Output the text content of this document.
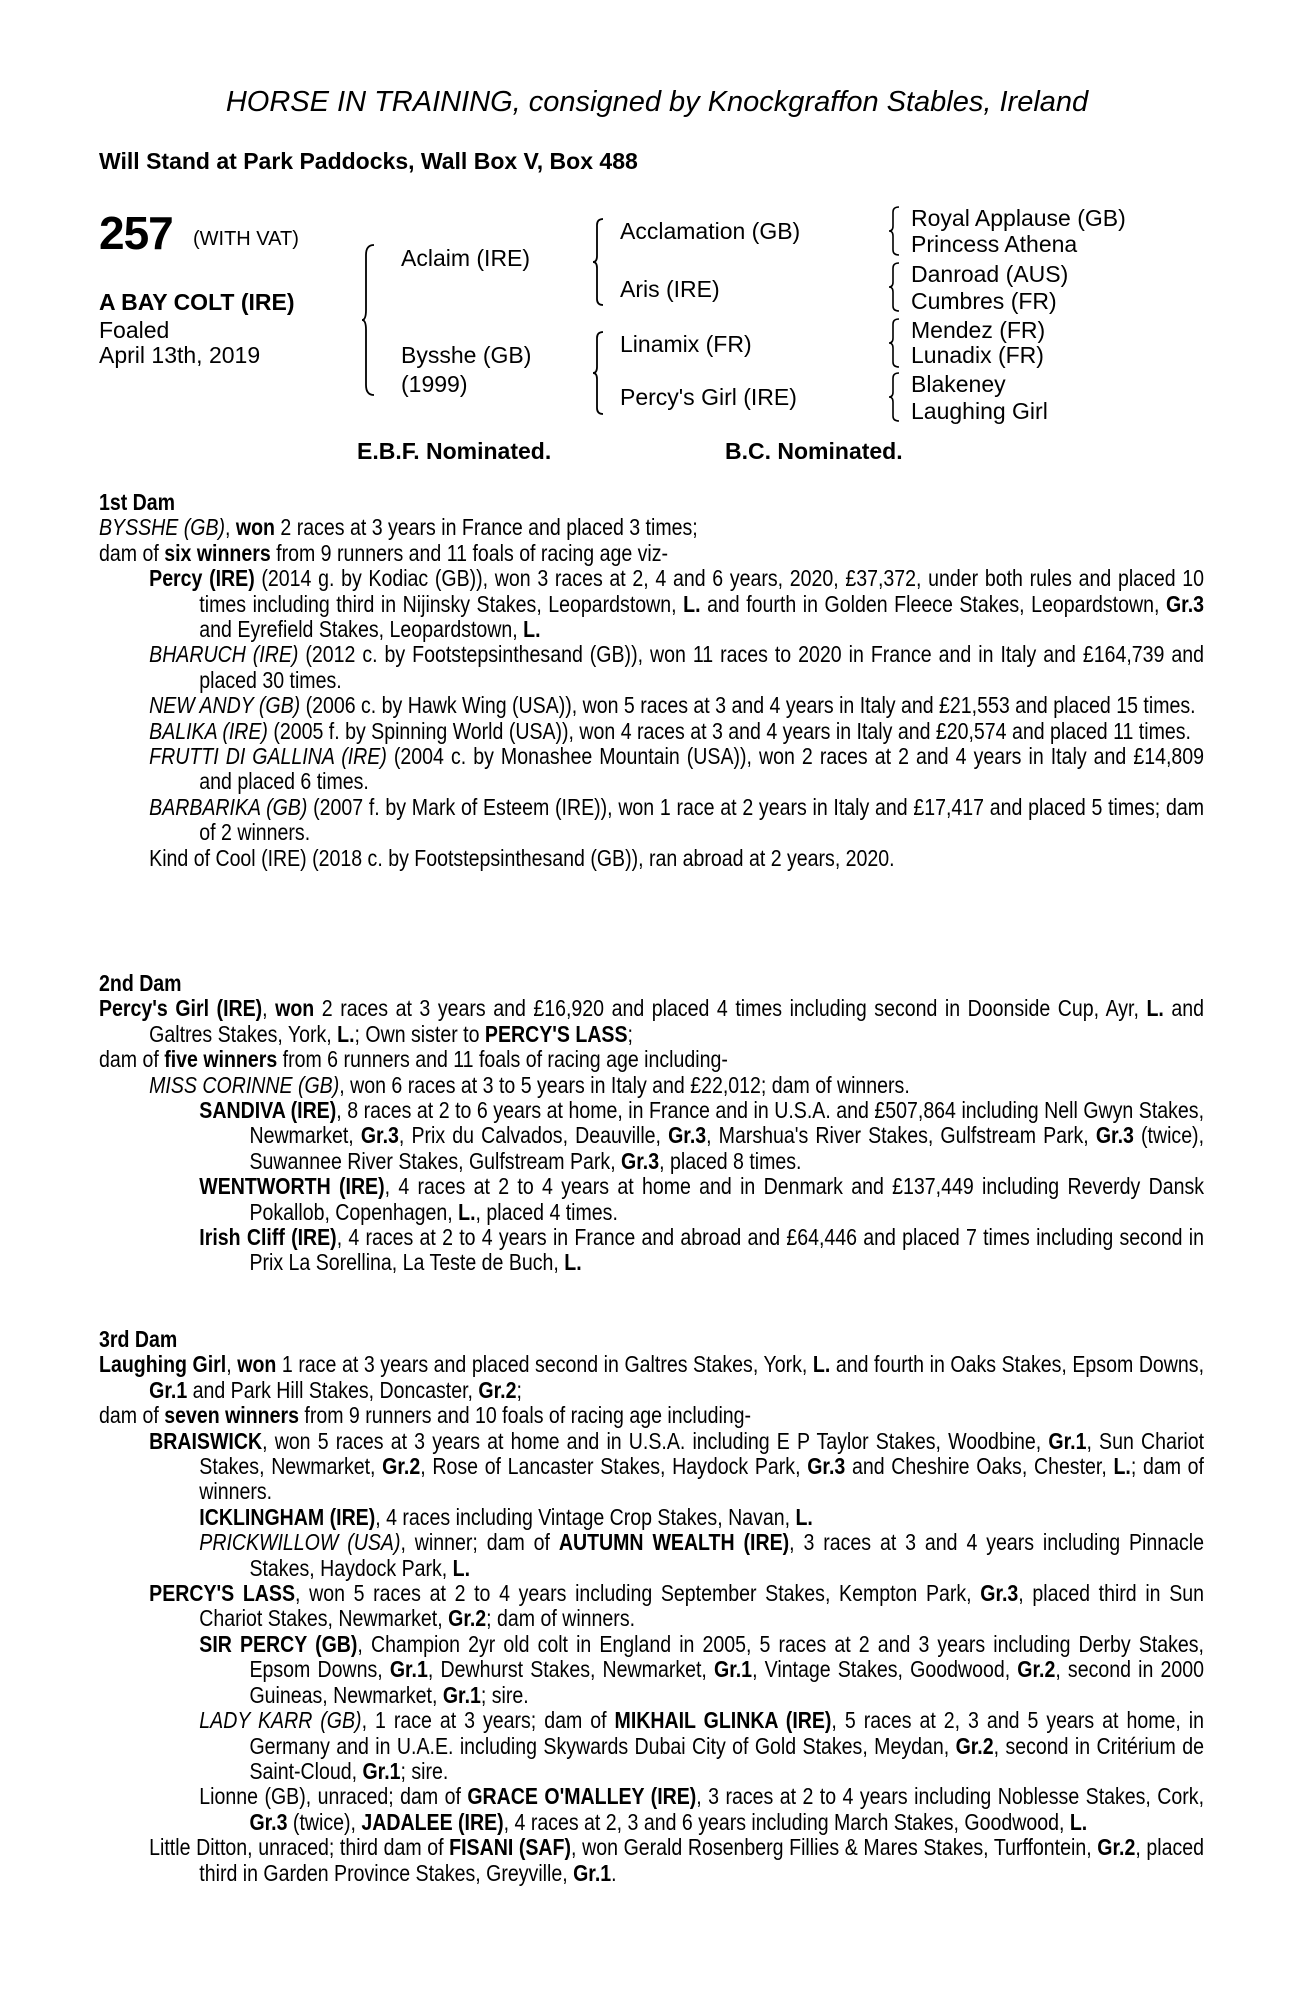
HORSE IN TRAINING, consigned by Knockgraffon Stables, Ireland
Will Stand at Park Paddocks, Wall Box V, Box 488
257 (WITH VAT)
A BAY COLT (IRE)
Foaled
April 13th, 2019
Aclaim (IRE)
Bysshe (GB)
(1999)
Acclamation (GB)
Aris (IRE)
Linamix (FR)
Percy's Girl (IRE)
Royal Applause (GB)
Princess Athena
Danroad (AUS)
Cumbres (FR)
Mendez (FR)
Lunadix (FR)
Blakeney
Laughing Girl
E.B.F. Nominated.	B.C. Nominated.
1st Dam
BYSSHE (GB), won 2 races at 3 years in France and placed 3 times;
dam of six winners from 9 runners and 11 foals of racing age viz-
Percy (IRE) (2014 g. by Kodiac (GB)), won 3 races at 2, 4 and 6 years, 2020, £37,372, under both rules and placed 10 times including third in Nijinsky Stakes, Leopardstown, L. and fourth in Golden Fleece Stakes, Leopardstown, Gr.3 and Eyrefield Stakes, Leopardstown, L.
BHARUCH (IRE) (2012 c. by Footstepsinthesand (GB)), won 11 races to 2020 in France and in Italy and £164,739 and placed 30 times.
NEW ANDY (GB) (2006 c. by Hawk Wing (USA)), won 5 races at 3 and 4 years in Italy and £21,553 and placed 15 times.
BALIKA (IRE) (2005 f. by Spinning World (USA)), won 4 races at 3 and 4 years in Italy and £20,574 and placed 11 times.
FRUTTI DI GALLINA (IRE) (2004 c. by Monashee Mountain (USA)), won 2 races at 2 and 4 years in Italy and £14,809 and placed 6 times.
BARBARIKA (GB) (2007 f. by Mark of Esteem (IRE)), won 1 race at 2 years in Italy and £17,417 and placed 5 times; dam of 2 winners.
Kind of Cool (IRE) (2018 c. by Footstepsinthesand (GB)), ran abroad at 2 years, 2020.
2nd Dam
Percy's Girl (IRE), won 2 races at 3 years and £16,920 and placed 4 times including second in Doonside Cup, Ayr, L. and Galtres Stakes, York, L.; Own sister to PERCY'S LASS;
dam of five winners from 6 runners and 11 foals of racing age including-
MISS CORINNE (GB), won 6 races at 3 to 5 years in Italy and £22,012; dam of winners.
SANDIVA (IRE), 8 races at 2 to 6 years at home, in France and in U.S.A. and £507,864 including Nell Gwyn Stakes, Newmarket, Gr.3, Prix du Calvados, Deauville, Gr.3, Marshua's River Stakes, Gulfstream Park, Gr.3 (twice), Suwannee River Stakes, Gulfstream Park, Gr.3, placed 8 times.
WENTWORTH (IRE), 4 races at 2 to 4 years at home and in Denmark and £137,449 including Reverdy Dansk Pokallob, Copenhagen, L., placed 4 times.
Irish Cliff (IRE), 4 races at 2 to 4 years in France and abroad and £64,446 and placed 7 times including second in Prix La Sorellina, La Teste de Buch, L.
3rd Dam
Laughing Girl, won 1 race at 3 years and placed second in Galtres Stakes, York, L. and fourth in Oaks Stakes, Epsom Downs, Gr.1 and Park Hill Stakes, Doncaster, Gr.2;
dam of seven winners from 9 runners and 10 foals of racing age including-
BRAISWICK, won 5 races at 3 years at home and in U.S.A. including E P Taylor Stakes, Woodbine, Gr.1, Sun Chariot Stakes, Newmarket, Gr.2, Rose of Lancaster Stakes, Haydock Park, Gr.3 and Cheshire Oaks, Chester, L.; dam of winners.
ICKLINGHAM (IRE), 4 races including Vintage Crop Stakes, Navan, L.
PRICKWILLOW (USA), winner; dam of AUTUMN WEALTH (IRE), 3 races at 3 and 4 years including Pinnacle Stakes, Haydock Park, L.
PERCY'S LASS, won 5 races at 2 to 4 years including September Stakes, Kempton Park, Gr.3, placed third in Sun Chariot Stakes, Newmarket, Gr.2; dam of winners.
SIR PERCY (GB), Champion 2yr old colt in England in 2005, 5 races at 2 and 3 years including Derby Stakes, Epsom Downs, Gr.1, Dewhurst Stakes, Newmarket, Gr.1, Vintage Stakes, Goodwood, Gr.2, second in 2000 Guineas, Newmarket, Gr.1; sire.
LADY KARR (GB), 1 race at 3 years; dam of MIKHAIL GLINKA (IRE), 5 races at 2, 3 and 5 years at home, in Germany and in U.A.E. including Skywards Dubai City of Gold Stakes, Meydan, Gr.2, second in Critérium de Saint-Cloud, Gr.1; sire.
Lionne (GB), unraced; dam of GRACE O'MALLEY (IRE), 3 races at 2 to 4 years including Noblesse Stakes, Cork, Gr.3 (twice), JADALEE (IRE), 4 races at 2, 3 and 6 years including March Stakes, Goodwood, L.
Little Ditton, unraced; third dam of FISANI (SAF), won Gerald Rosenberg Fillies & Mares Stakes, Turffontein, Gr.2, placed third in Garden Province Stakes, Greyville, Gr.1.
